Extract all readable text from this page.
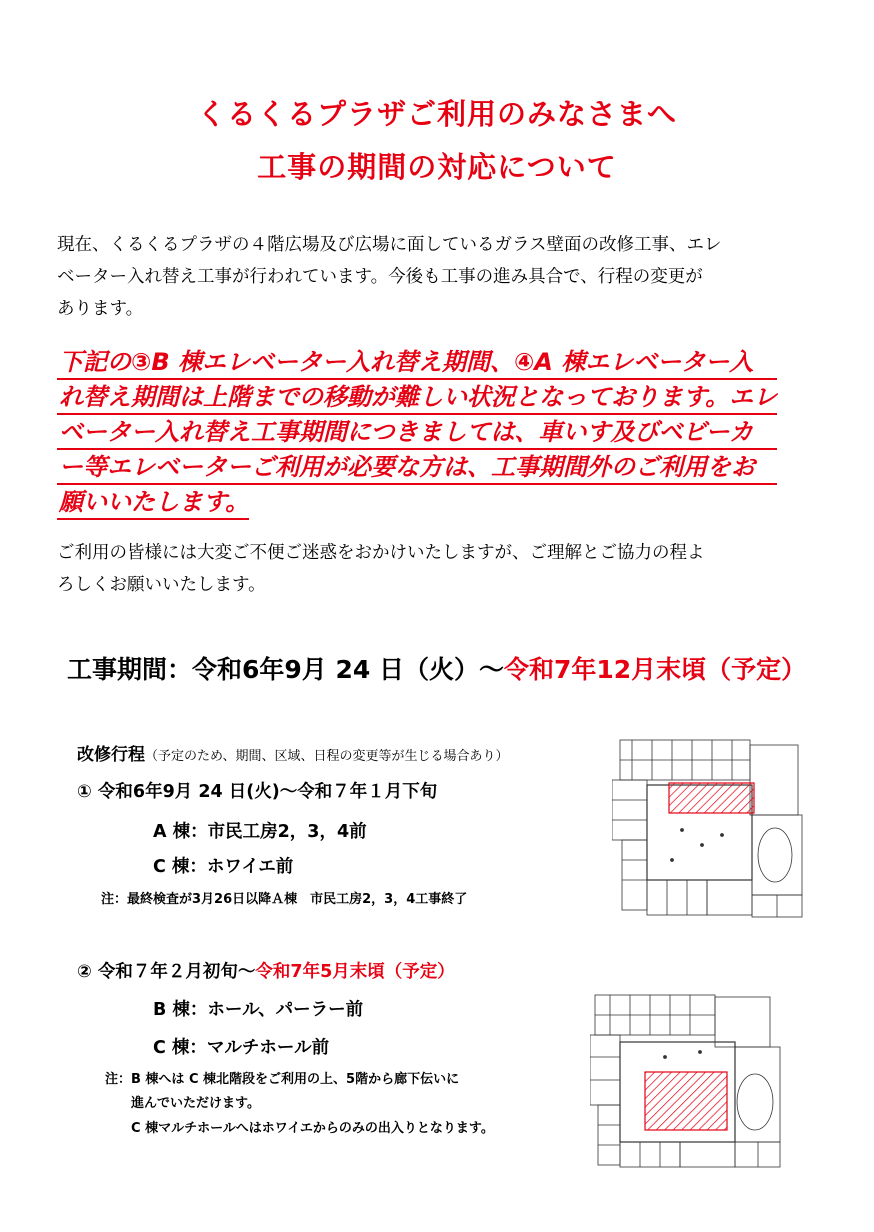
くるくるプラザご利用のみなさまへ
工事の期間の対応について
現在、くるくるプラザの４階広場及び広場に面しているガラス壁面の改修工事、エレ
ベーター入れ替え工事が行われています。今後も工事の進み具合で、行程の変更が
あります。
下記の③B 棟エレベーター入れ替え期間、④A 棟エレベーター入
れ替え期間は上階までの移動が難しい状況となっております。エレ
ベーター入れ替え工事期間につきましては、車いす及びベビーカ
ー等エレベーターご利用が必要な方は、工事期間外のご利用をお
願いいたします。
ご利用の皆様には大変ご不便ご迷惑をおかけいたしますが、ご理解とご協力の程よ
ろしくお願いいたします。
工事期間：令和6年9月 24 日（火）～令和7年12月末頃（予定）
改修行程（予定のため、期間、区域、日程の変更等が生じる場合あり）
① 令和6年9月 24 日(火)～令和７年１月下旬
A 棟：市民工房2，3，4前
C 棟：ホワイエ前
注：最終検査が3月26日以降Ａ棟　市民工房2，3，4工事終了
② 令和７年２月初旬～令和7年5月末頃（予定）
B 棟：ホール、パーラー前
C 棟：マルチホール前
注：B 棟へは C 棟北階段をご利用の上、5階から廊下伝いに
進んでいただけます。
C 棟マルチホールへはホワイエからのみの出入りとなります。
